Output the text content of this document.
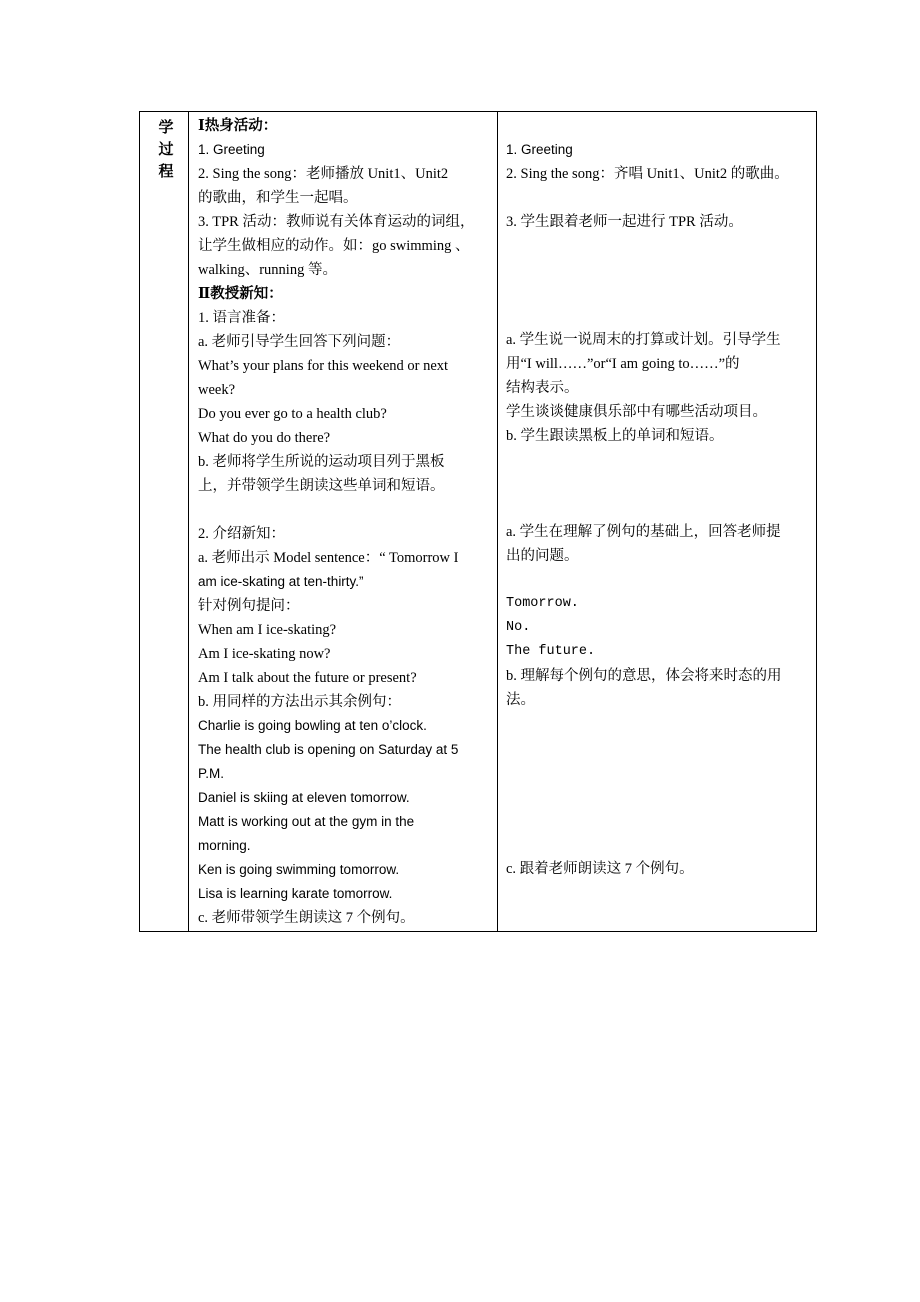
学
过
程
Ⅰ热身活动：
1. Greeting
2. Sing the song：老师播放 Unit1、Unit2
的歌曲，和学生一起唱。
3. TPR 活动：教师说有关体育运动的词组，
让学生做相应的动作。如：go swimming 、
walking、running 等。
Ⅱ教授新知：
1. 语言准备：
a. 老师引导学生回答下列问题：
What’s your plans for this weekend or next
week?
Do you ever go to a health club?
What do you do there?
b. 老师将学生所说的运动项目列于黑板
上，并带领学生朗读这些单词和短语。
2. 介绍新知：
a. 老师出示 Model sentence：“ Tomorrow I
am ice-skating at ten-thirty.”
针对例句提问：
When am I ice-skating?
Am I ice-skating now?
Am I talk about the future or present?
b. 用同样的方法出示其余例句：
Charlie is going bowling at ten o’clock.
The health club is opening on Saturday at 5
P.M.
Daniel is skiing at eleven tomorrow.
Matt is working out at the gym in the
morning.
Ken is going swimming tomorrow.
Lisa is learning karate tomorrow.
c. 老师带领学生朗读这 7 个例句。
1. Greeting
2. Sing the song：齐唱 Unit1、Unit2 的歌曲。
3. 学生跟着老师一起进行 TPR 活动。
a. 学生说一说周末的打算或计划。引导学生
用“I will……”or“I am going to……”的
结构表示。
学生谈谈健康俱乐部中有哪些活动项目。
b. 学生跟读黑板上的单词和短语。
a. 学生在理解了例句的基础上，回答老师提
出的问题。
Tomorrow.
No.
The future.
b. 理解每个例句的意思，体会将来时态的用
法。
c. 跟着老师朗读这 7 个例句。
